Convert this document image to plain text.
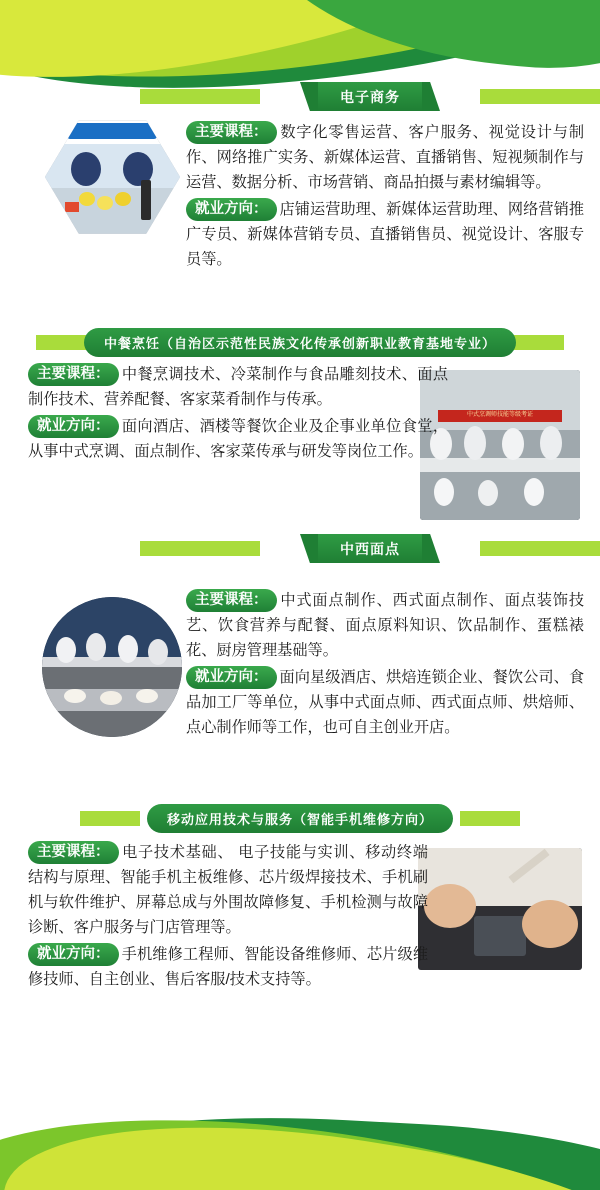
电子商务
主要课程： 数字化零售运营、客户服务、视觉设计与制作、网络推广实务、新媒体运营、直播销售、短视频制作与运营、数据分析、市场营销、商品拍摄与素材编辑等。
就业方向： 店铺运营助理、新媒体运营助理、网络营销推广专员、新媒体营销专员、直播销售员、视觉设计、客服专员等。
中餐烹饪（自治区示范性民族文化传承创新职业教育基地专业）
中式烹调师技能等级考证
主要课程： 中餐烹调技术、冷菜制作与食品雕刻技术、面点制作技术、营养配餐、客家菜肴制作与传承。
就业方向： 面向酒店、酒楼等餐饮企业及企事业单位食堂，从事中式烹调、面点制作、客家菜传承与研发等岗位工作。
中西面点
主要课程： 中式面点制作、西式面点制作、面点装饰技艺、饮食营养与配餐、面点原料知识、饮品制作、蛋糕裱花、厨房管理基础等。
就业方向： 面向星级酒店、烘焙连锁企业、餐饮公司、食品加工厂等单位，从事中式面点师、西式面点师、烘焙师、点心制作师等工作，也可自主创业开店。
移动应用技术与服务（智能手机维修方向）
主要课程： 电子技术基础、 电子技能与实训、移动终端结构与原理、智能手机主板维修、芯片级焊接技术、手机刷机与软件维护、屏幕总成与外围故障修复、手机检测与故障诊断、客户服务与门店管理等。
就业方向： 手机维修工程师、智能设备维修师、芯片级维修技师、自主创业、售后客服/技术支持等。
